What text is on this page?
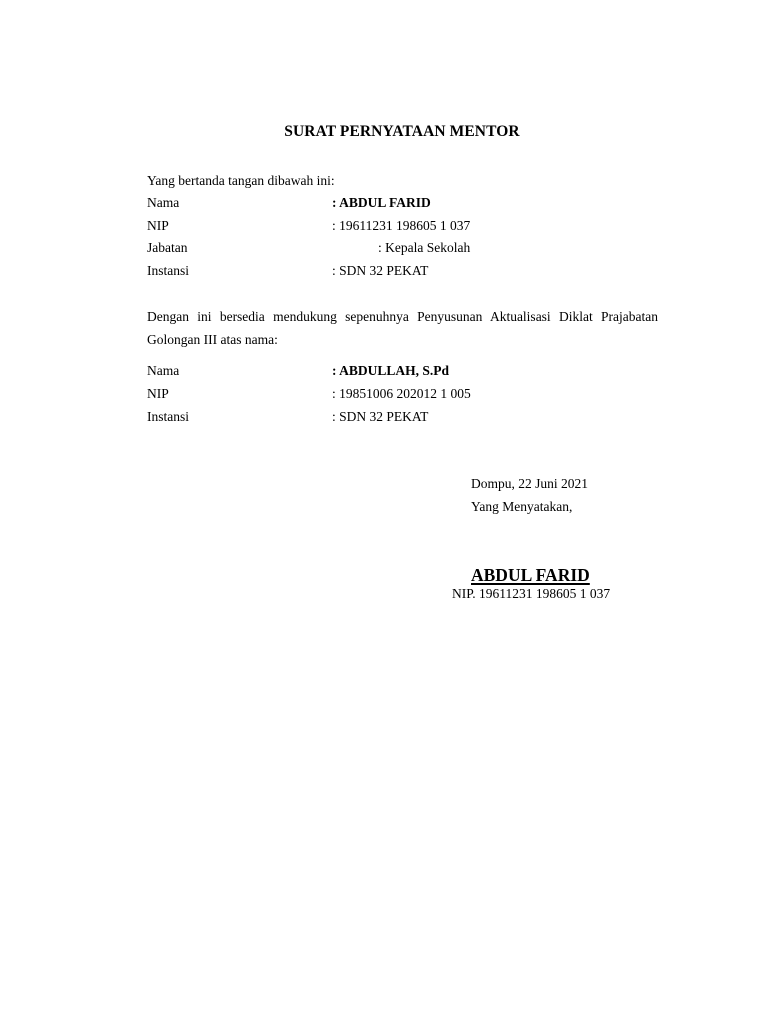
SURAT PERNYATAAN MENTOR
Yang bertanda tangan dibawah ini:
Nama	: ABDUL FARID
NIP	: 19611231 198605 1 037
Jabatan	: Kepala Sekolah
Instansi	: SDN 32 PEKAT
Dengan ini bersedia mendukung sepenuhnya Penyusunan Aktualisasi Diklat Prajabatan Golongan III atas nama:
Nama	: ABDULLAH, S.Pd
NIP	: 19851006 202012 1 005
Instansi	: SDN 32 PEKAT
Dompu, 22 Juni 2021
Yang Menyatakan,
ABDUL FARID
NIP. 19611231 198605 1 037
